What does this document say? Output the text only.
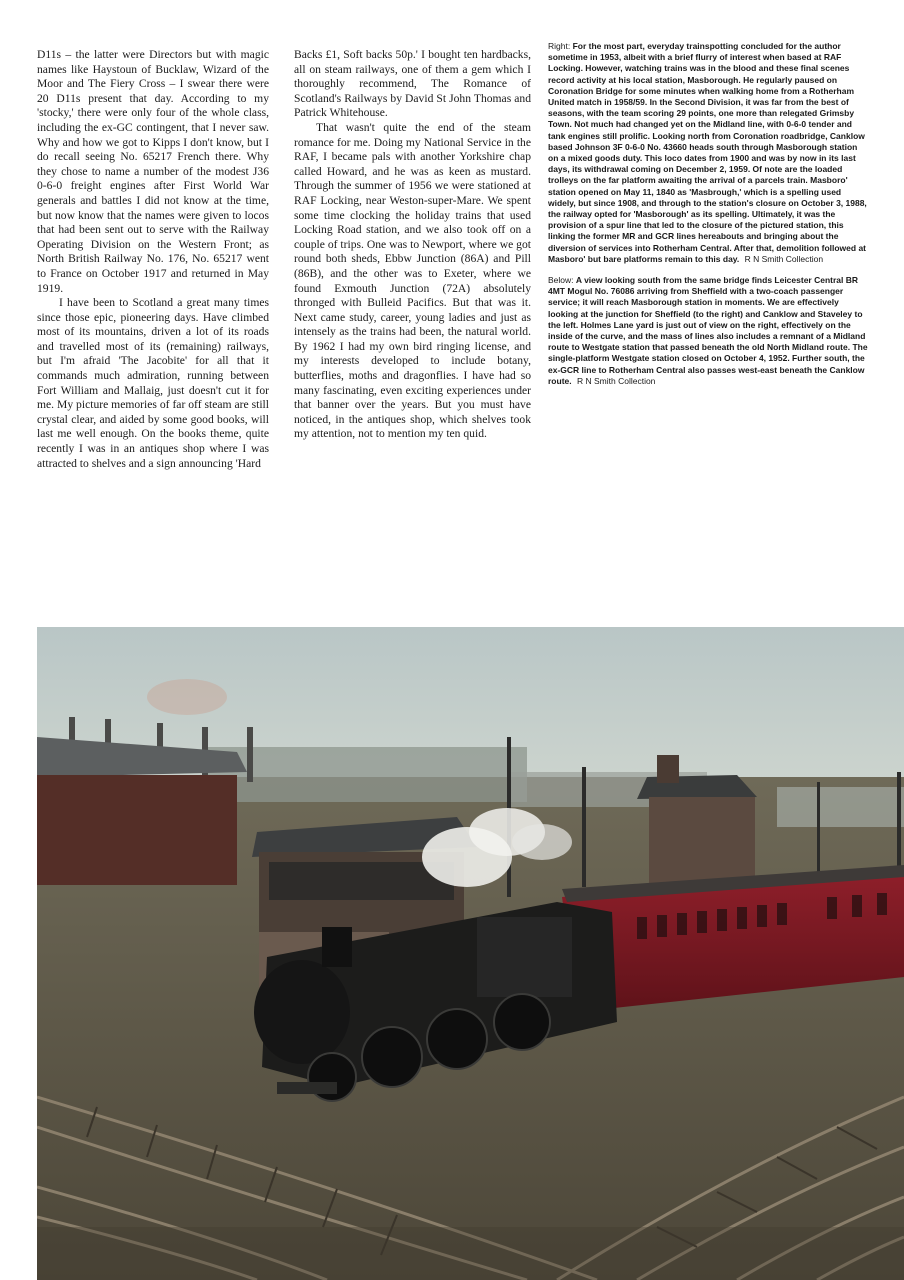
D11s – the latter were Directors but with magic names like Haystoun of Bucklaw, Wizard of the Moor and The Fiery Cross – I swear there were 20 D11s present that day. According to my 'stocky,' there were only four of the whole class, including the ex-GC contingent, that I never saw. Why and how we got to Kipps I don't know, but I do recall seeing No. 65217 French there. Why they chose to name a number of the modest J36 0-6-0 freight engines after First World War generals and battles I did not know at the time, but now know that the names were given to locos that had been sent out to serve with the Railway Operating Division on the Western Front; as North British Railway No. 176, No. 65217 went to France on October 1917 and returned in May 1919.

I have been to Scotland a great many times since those epic, pioneering days. Have climbed most of its mountains, driven a lot of its roads and travelled most of its (remaining) railways, but I'm afraid 'The Jacobite' for all that it commands much admiration, running between Fort William and Mallaig, just doesn't cut it for me. My picture memories of far off steam are still crystal clear, and aided by some good books, will last me well enough. On the books theme, quite recently I was in an antiques shop where I was attracted to shelves and a sign announcing 'Hard

Backs £1, Soft backs 50p.' I bought ten hardbacks, all on steam railways, one of them a gem which I thoroughly recommend, The Romance of Scotland's Railways by David St John Thomas and Patrick Whitehouse.

That wasn't quite the end of the steam romance for me. Doing my National Service in the RAF, I became pals with another Yorkshire chap called Howard, and he was as keen as mustard. Through the summer of 1956 we were stationed at RAF Locking, near Weston-super-Mare. We spent some time clocking the holiday trains that used Locking Road station, and we also took off on a couple of trips. One was to Newport, where we got round both sheds, Ebbw Junction (86A) and Pill (86B), and the other was to Exeter, where we found Exmouth Junction (72A) absolutely thronged with Bulleid Pacifics. But that was it. Next came study, career, young ladies and just as intensely as the trains had been, the natural world. By 1962 I had my own bird ringing license, and my interests developed to include botany, butterflies, moths and dragonflies. I have had so many fascinating, even exciting experiences under that banner over the years. But you must have noticed, in the antiques shop, which shelves took my attention, not to mention my ten quid.

Right: For the most part, everyday trainspotting concluded for the author sometime in 1953, albeit with a brief flurry of interest when based at RAF Locking. However, watching trains was in the blood and these final scenes record activity at his local station, Masborough. He regularly paused on Coronation Bridge for some minutes when walking home from a Rotherham United match in 1958/59. In the Second Division, it was far from the best of seasons, with the team scoring 29 points, one more than relegated Grimsby Town. Not much had changed yet on the Midland line, with 0-6-0 tender and tank engines still prolific. Looking north from Coronation roadbridge, Canklow based Johnson 3F 0-6-0 No. 43660 heads south through Masborough station on a mixed goods duty. This loco dates from 1900 and was by now in its last days, its withdrawal coming on December 2, 1959. Of note are the loaded trolleys on the far platform awaiting the arrival of a parcels train. Masboro' station opened on May 11, 1840 as 'Masbrough,' which is a spelling used widely, but since 1908, and through to the station's closure on October 3, 1988, the railway opted for 'Masborough' as its spelling. Ultimately, it was the provision of a spur line that led to the closure of the pictured station, this linking the former MR and GCR lines hereabouts and bringing about the diversion of services into Rotherham Central. After that, demolition followed at Masboro' but bare platforms remain to this day. R N Smith Collection

Below: A view looking south from the same bridge finds Leicester Central BR 4MT Mogul No. 76086 arriving from Sheffield with a two-coach passenger service; it will reach Masborough station in moments. We are effectively looking at the junction for Sheffield (to the right) and Canklow and Staveley to the left. Holmes Lane yard is just out of view on the right, effectively on the inside of the curve, and the mass of lines also includes a remnant of a Midland route to Westgate station that passed beneath the old North Midland route. The single-platform Westgate station closed on October 4, 1952. Further south, the ex-GCR line to Rotherham Central also passes west-east beneath the Canklow route. R N Smith Collection
